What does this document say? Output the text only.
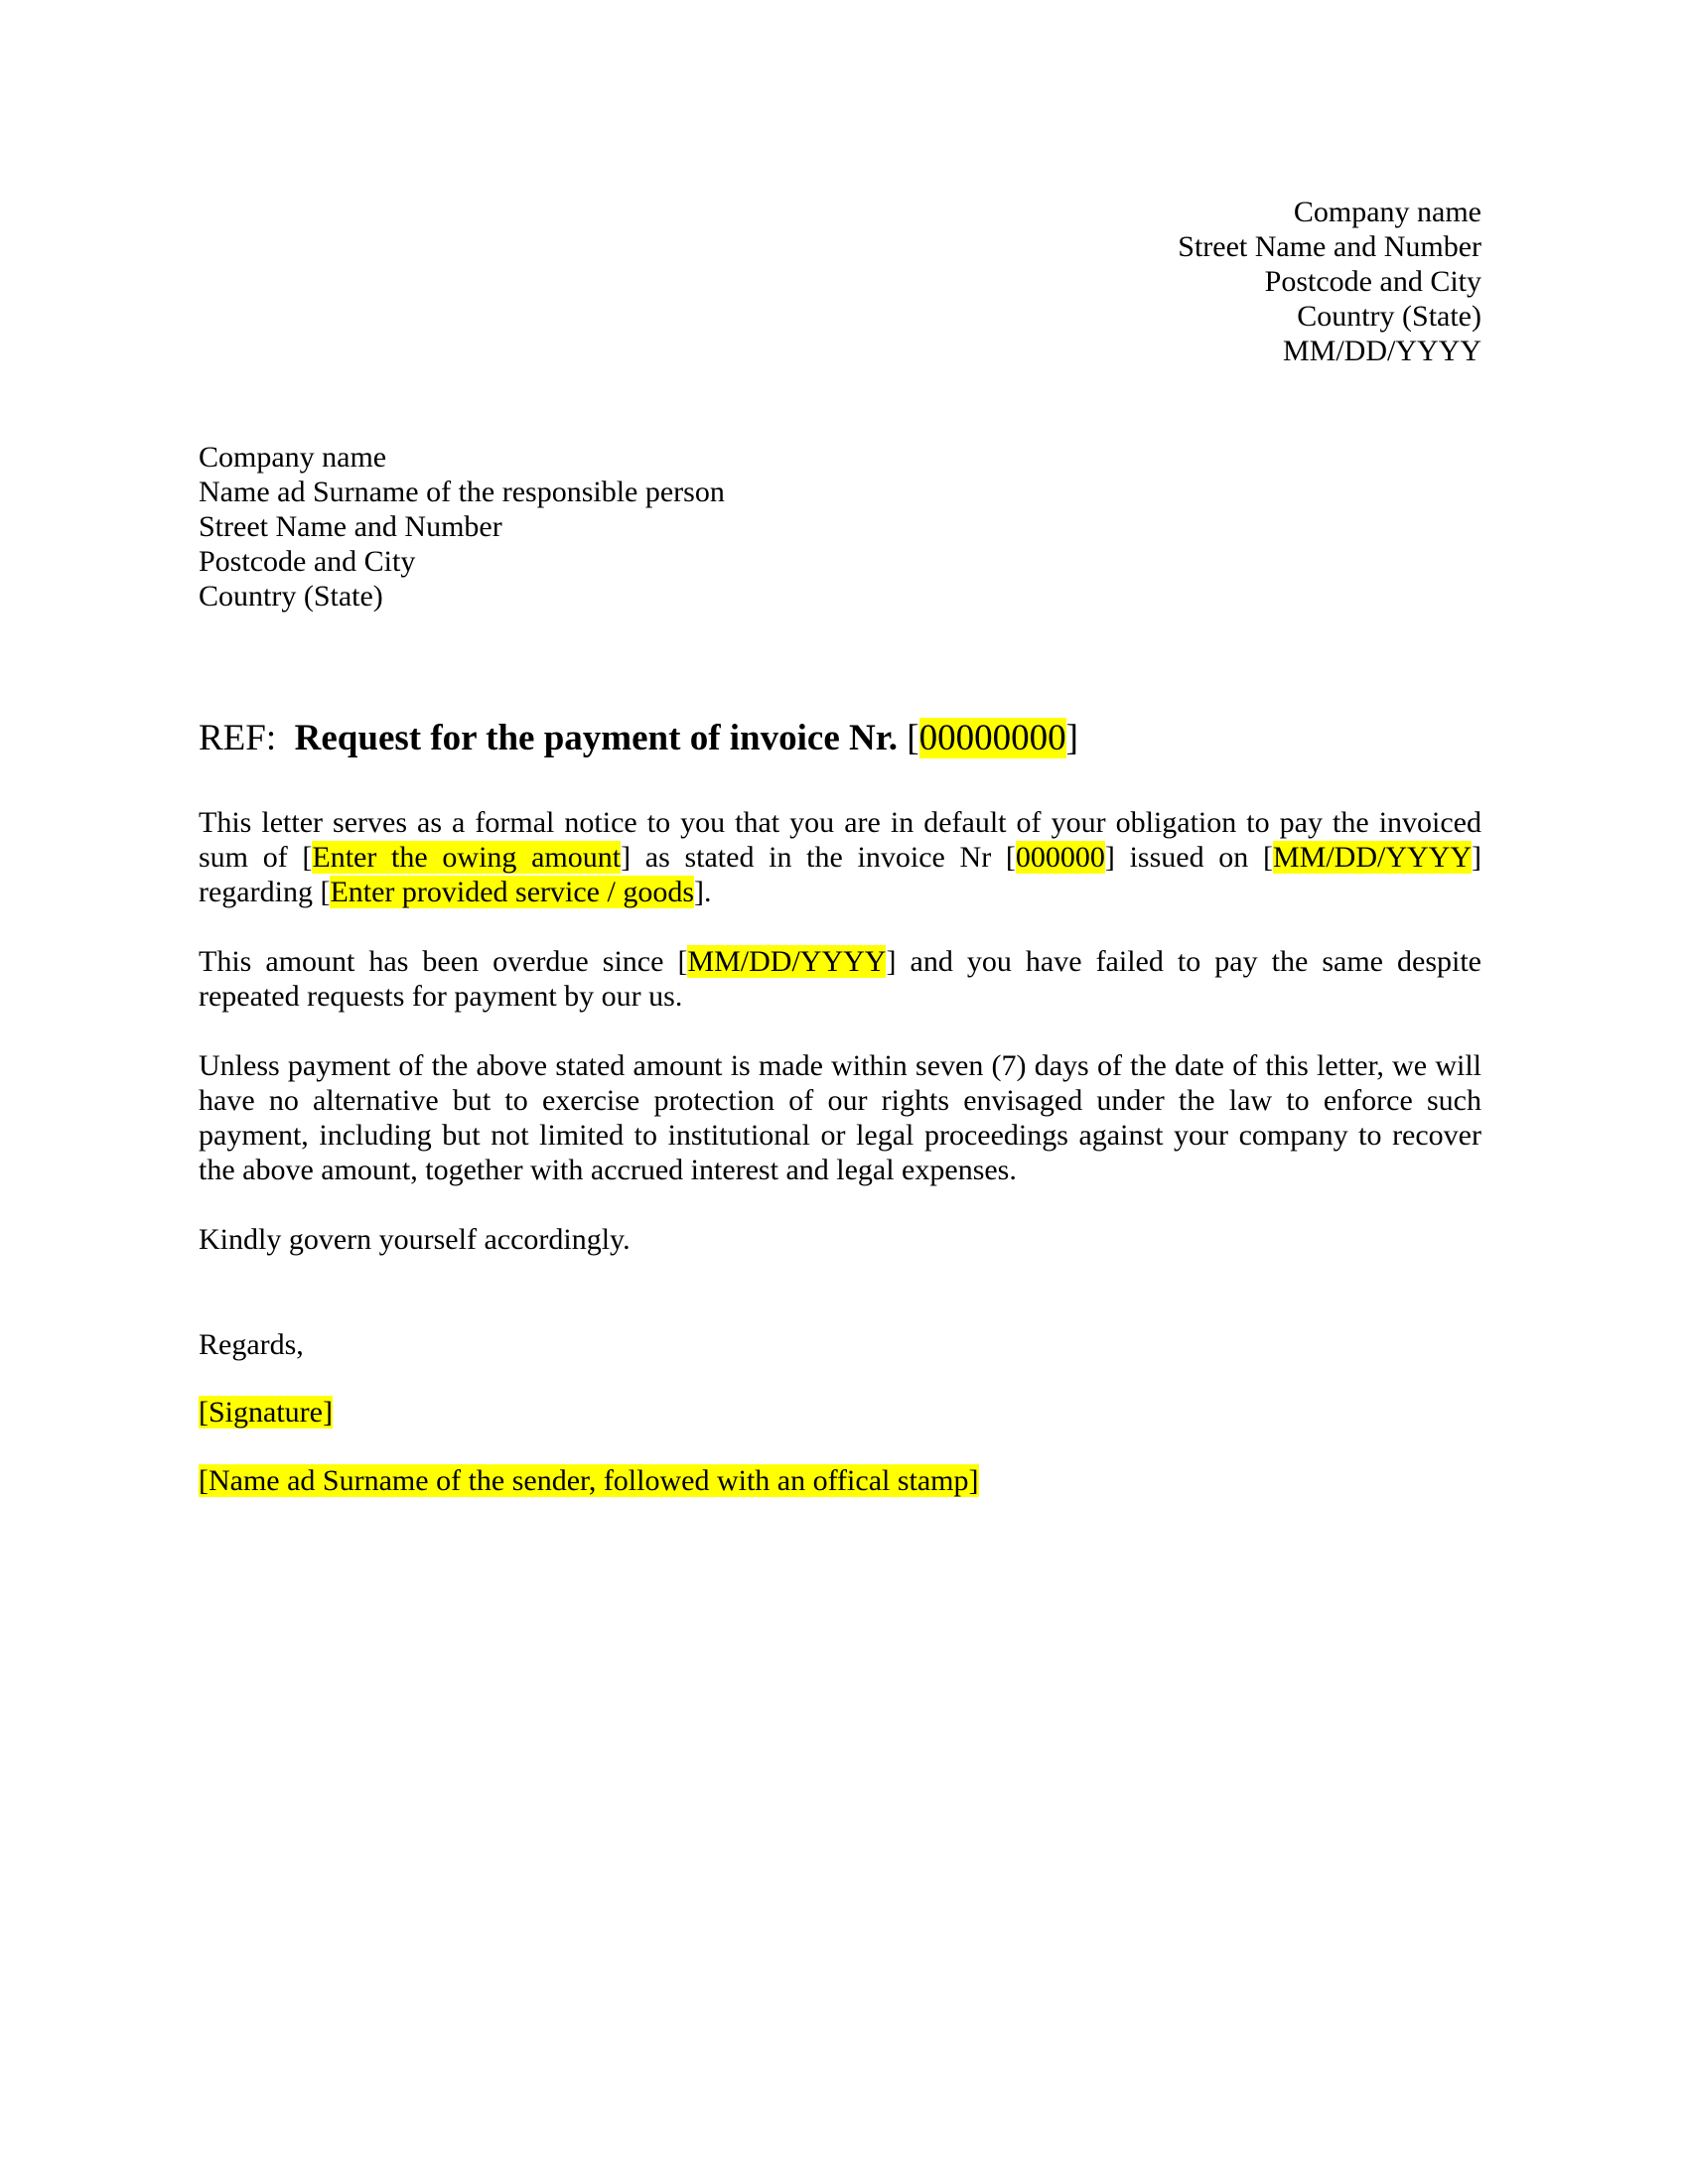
Company name
Street Name and Number
Postcode and City
Country (State)
MM/DD/YYYY
Company name
Name ad Surname of the responsible person
Street Name and Number
Postcode and City
Country (State)
REF: Request for the payment of invoice Nr. [00000000]

This letter serves as a formal notice to you that you are in default of your obligation to pay the invoiced sum of [Enter the owing amount] as stated in the invoice Nr [000000] issued on [MM/DD/YYYY] regarding [Enter provided service / goods].

This amount has been overdue since [MM/DD/YYYY] and you have failed to pay the same despite repeated requests for payment by our us.

Unless payment of the above stated amount is made within seven (7) days of the date of this letter, we will have no alternative but to exercise protection of our rights envisaged under the law to enforce such payment, including but not limited to institutional or legal proceedings against your company to recover the above amount, together with accrued interest and legal expenses.

Kindly govern yourself accordingly.

Regards,
[Signature]
[Name ad Surname of the sender, followed with an offical stamp]
